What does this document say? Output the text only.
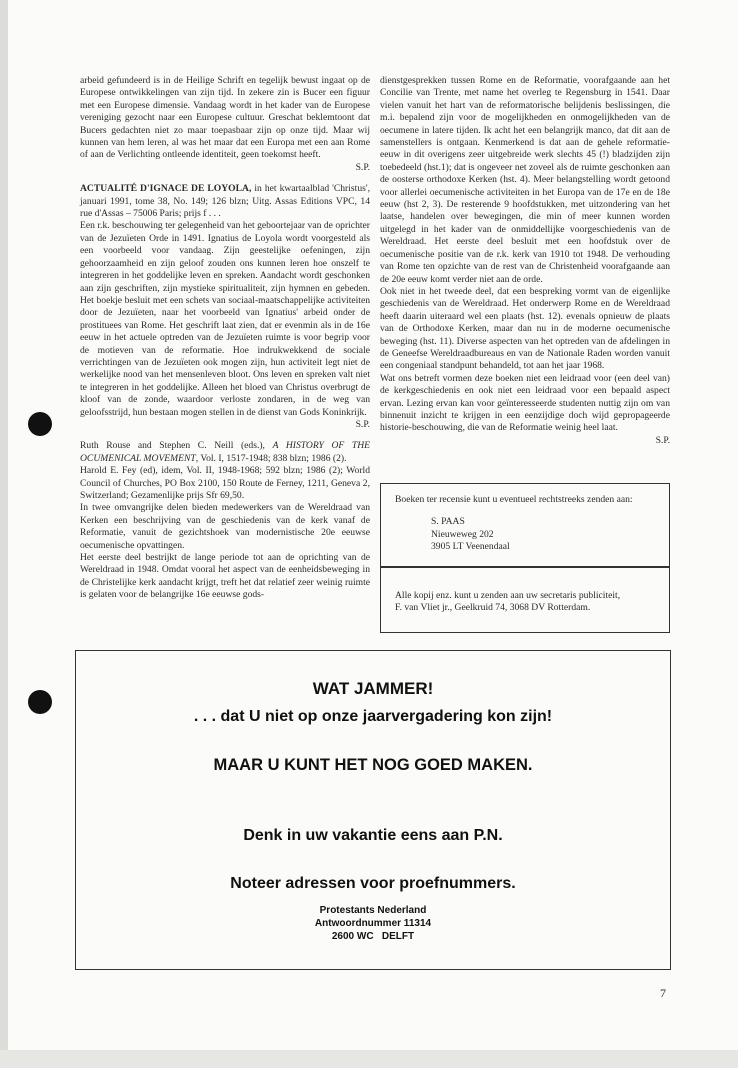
arbeid gefundeerd is in de Heilige Schrift en tegelijk bewust ingaat op de Europese ontwikkelingen van zijn tijd. In zekere zin is Bucer een figuur met een Europese dimensie. Vandaag wordt in het kader van de Europese vereniging gezocht naar een Europese cultuur. Greschat beklemtoont dat Bucers gedachten niet zo maar toepasbaar zijn op onze tijd. Maar wij kunnen van hem leren, al was het maar dat een Europa met een aan Rome of aan de Verlichting ontleende identiteit, geen toekomst heeft.

S.P.

ACTUALITÉ D'IGNACE DE LOYOLA, in het kwartaalblad 'Christus', januari 1991, tome 38, No. 149; 126 blzn; Uitg. Assas Editions VPC, 14 rue d'Assas – 75006 Paris; prijs f . . .

Een r.k. beschouwing ter gelegenheid van het geboortejaar van de oprichter van de Jezuïeten Orde in 1491. Ignatius de Loyola wordt voorgesteld als een voorbeeld voor vandaag. Zijn geestelijke oefeningen, zijn gehoorzaamheid en zijn geloof zouden ons kunnen leren hoe onszelf te integreren in het goddelijke leven en spreken. Aandacht wordt geschonken aan zijn geschriften, zijn mystieke spiritualiteit, zijn hymnen en gebeden. Het boekje besluit met een schets van sociaal-maatschappelijke activiteiten door de Jezuïeten, naar het voorbeeld van Ignatius' arbeid onder de prostituees van Rome. Het geschrift laat zien, dat er evenmin als in de 16e eeuw in het actuele optreden van de Jezuïeten ruimte is voor begrip voor de motieven van de reformatie. Hoe indrukwekkend de sociale verrichtingen van de Jezuïeten ook mogen zijn, hun activiteit legt niet de werkelijke nood van het mensenleven bloot. Ons leven en spreken valt niet te integreren in het goddelijke. Alleen het bloed van Christus overbrugt de kloof van de zonde, waardoor verloste zondaren, in de weg van geloofsstrijd, hun bestaan mogen stellen in de dienst van Gods Koninkrijk.

S.P.

Ruth Rouse and Stephen C. Neill (eds.), A HISTORY OF THE OCUMENICAL MOVEMENT, Vol. I, 1517-1948; 838 blzn; 1986 (2).

Harold E. Fey (ed), idem, Vol. II, 1948-1968; 592 blzn; 1986 (2); World Council of Churches, PO Box 2100, 150 Route de Ferney, 1211, Geneva 2, Switzerland; Gezamenlijke prijs Sfr 69,50.

In twee omvangrijke delen bieden medewerkers van de Wereldraad van Kerken een beschrijving van de geschiedenis van de kerk vanaf de Reformatie, vanuit de gezichtshoek van modernistische 20e eeuwse oecumenische opvattingen.

Het eerste deel bestrijkt de lange periode tot aan de oprichting van de Wereldraad in 1948. Omdat vooral het aspect van de eenheidsbeweging in de Christelijke kerk aandacht krijgt, treft het dat relatief zeer weinig ruimte is gelaten voor de belangrijke 16e eeuwse gods-

dienstgesprekken tussen Rome en de Reformatie, voorafgaande aan het Concilie van Trente, met name het overleg te Regensburg in 1541. Daar vielen vanuit het hart van de reformatorische belijdenis beslissingen, die m.i. bepalend zijn voor de mogelijkheden en onmogelijkheden van de oecumene in latere tijden. Ik acht het een belangrijk manco, dat dit aan de samenstellers is ontgaan. Kenmerkend is dat aan de gehele reformatie-eeuw in dit overigens zeer uitgebreide werk slechts 45 (!) bladzijden zijn toebedeeld (hst.1); dat is ongeveer net zoveel als de ruimte geschonken aan de oosterse orthodoxe Kerken (hst. 4). Meer belangstelling wordt getoond voor allerlei oecumenische activiteiten in het Europa van de 17e en de 18e eeuw (hst 2, 3). De resterende 9 hoofdstukken, met uitzondering van het laatse, handelen over bewegingen, die min of meer kunnen worden uitgelegd in het kader van de onmiddellijke voorgeschiedenis van de Wereldraad. Het eerste deel besluit met een hoofdstuk over de oecumenische positie van de r.k. kerk van 1910 tot 1948. De verhouding van Rome ten opzichte van de rest van de Christenheid voorafgaande aan de 20e eeuw komt verder niet aan de orde.

Ook niet in het tweede deel, dat een bespreking vormt van de eigenlijke geschiedenis van de Wereldraad. Het onderwerp Rome en de Wereldraad heeft daarin uiteraard wel een plaats (hst. 12). evenals opnieuw de plaats van de Orthodoxe Kerken, maar dan nu in de moderne oecumenische beweging (hst. 11). Diverse aspecten van het optreden van de afdelingen in de Geneefse Wereldraadbureaus en van de Nationale Raden worden vanuit een congeniaal standpunt behandeld, tot aan het jaar 1968.

Wat ons betreft vormen deze boeken niet een leidraad voor (een deel van) de kerkgeschiedenis en ook niet een leidraad voor een bepaald aspect ervan. Lezing ervan kan voor geïnteresseerde studenten nuttig zijn om van binnenuit inzicht te krijgen in een eenzijdige doch wijd gepropageerde historie-beschouwing, die van de Reformatie weinig heel laat.

S.P.

Boeken ter recensie kunt u eventueel rechtstreeks zenden aan:
S. PAAS
Nieuweweg 202
3905 LT Veenendaal
Alle kopij enz. kunt u zenden aan uw secretaris publiciteit,
F. van Vliet jr., Geelkruid 74, 3068 DV Rotterdam.
WAT JAMMER!
. . . dat U niet op onze jaarvergadering kon zijn!
MAAR U KUNT HET NOG GOED MAKEN.
Denk in uw vakantie eens aan P.N.
Noteer adressen voor proefnummers.
Protestants Nederland
Antwoordnummer 11314
2600 WC   DELFT
7
